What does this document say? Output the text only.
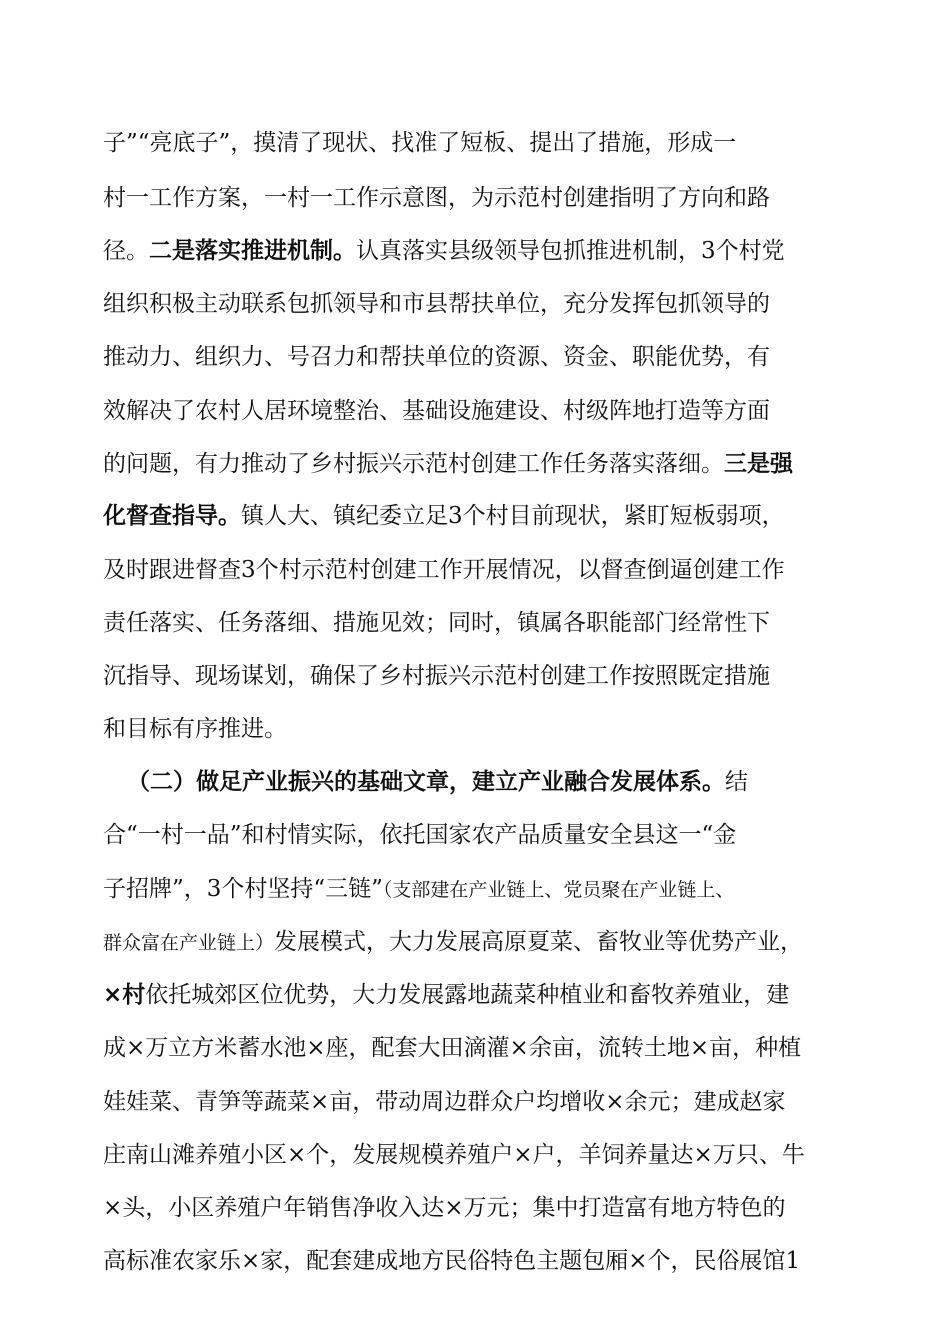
子”“亮底子”，摸清了现状、找准了短板、提出了措施，形成一
村一工作方案，一村一工作示意图，为示范村创建指明了方向和路
径。二是落实推进机制。认真落实县级领导包抓推进机制，3个村党
组织积极主动联系包抓领导和市县帮扶单位，充分发挥包抓领导的
推动力、组织力、号召力和帮扶单位的资源、资金、职能优势，有
效解决了农村人居环境整治、基础设施建设、村级阵地打造等方面
的问题，有力推动了乡村振兴示范村创建工作任务落实落细。三是强
化督查指导。镇人大、镇纪委立足3个村目前现状，紧盯短板弱项，
及时跟进督查3个村示范村创建工作开展情况，以督查倒逼创建工作
责任落实、任务落细、措施见效；同时，镇属各职能部门经常性下
沉指导、现场谋划，确保了乡村振兴示范村创建工作按照既定措施
和目标有序推进。
（二）做足产业振兴的基础文章，建立产业融合发展体系。结
合“一村一品”和村情实际，依托国家农产品质量安全县这一“金
子招牌”，3个村坚持“三链”（支部建在产业链上、党员聚在产业链上、
群众富在产业链上）发展模式，大力发展高原夏菜、畜牧业等优势产业，
×村依托城郊区位优势，大力发展露地蔬菜种植业和畜牧养殖业，建
成×万立方米蓄水池×座，配套大田滴灌×余亩，流转土地×亩，种植
娃娃菜、青笋等蔬菜×亩，带动周边群众户均增收×余元；建成赵家
庄南山滩养殖小区×个，发展规模养殖户×户，羊饲养量达×万只、牛
×头，小区养殖户年销售净收入达×万元；集中打造富有地方特色的
高标准农家乐×家，配套建成地方民俗特色主题包厢×个，民俗展馆1
